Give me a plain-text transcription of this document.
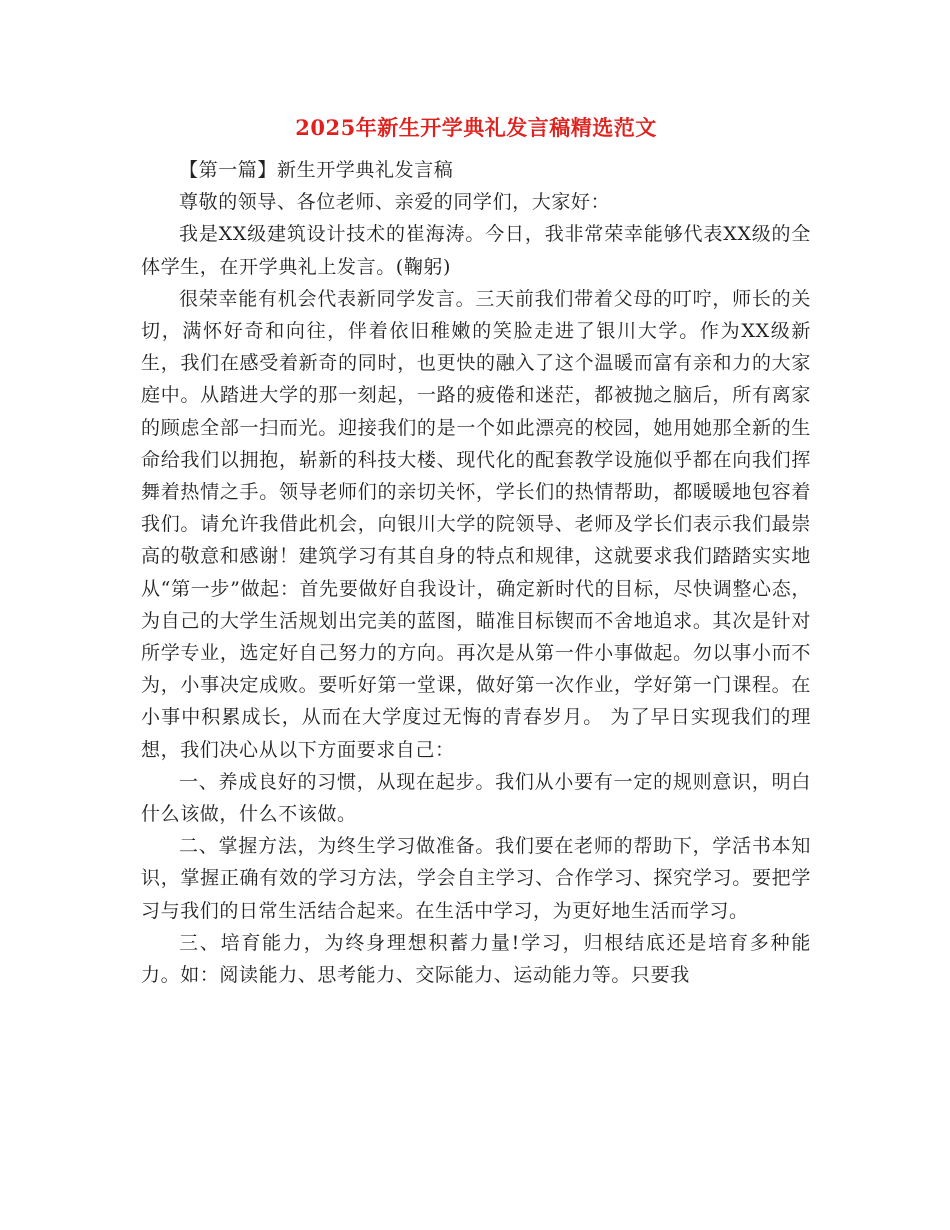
2025年新生开学典礼发言稿精选范文

【第一篇】新生开学典礼发言稿

尊敬的领导、各位老师、亲爱的同学们，大家好：

我是XX级建筑设计技术的崔海涛。今日，我非常荣幸能够代表XX级的全体学生，在开学典礼上发言。(鞠躬)

很荣幸能有机会代表新同学发言。三天前我们带着父母的叮咛，师长的关切，满怀好奇和向往，伴着依旧稚嫩的笑脸走进了银川大学。作为XX级新生，我们在感受着新奇的同时，也更快的融入了这个温暖而富有亲和力的大家庭中。从踏进大学的那一刻起，一路的疲倦和迷茫，都被抛之脑后，所有离家的顾虑全部一扫而光。迎接我们的是一个如此漂亮的校园，她用她那全新的生命给我们以拥抱，崭新的科技大楼、现代化的配套教学设施似乎都在向我们挥舞着热情之手。领导老师们的亲切关怀，学长们的热情帮助，都暖暖地包容着我们。请允许我借此机会，向银川大学的院领导、老师及学长们表示我们最崇高的敬意和感谢！建筑学习有其自身的特点和规律，这就要求我们踏踏实实地从“第一步”做起：首先要做好自我设计，确定新时代的目标，尽快调整心态，为自己的大学生活规划出完美的蓝图，瞄准目标锲而不舍地追求。其次是针对所学专业，选定好自己努力的方向。再次是从第一件小事做起。勿以事小而不为，小事决定成败。要听好第一堂课，做好第一次作业，学好第一门课程。在小事中积累成长，从而在大学度过无悔的青春岁月。 为了早日实现我们的理想，我们决心从以下方面要求自己：

一、养成良好的习惯，从现在起步。我们从小要有一定的规则意识，明白什么该做，什么不该做。

二、掌握方法，为终生学习做准备。我们要在老师的帮助下，学活书本知识，掌握正确有效的学习方法，学会自主学习、合作学习、探究学习。要把学习与我们的日常生活结合起来。在生活中学习，为更好地生活而学习。

三、培育能力，为终身理想积蓄力量!学习，归根结底还是培育多种能力。如：阅读能力、思考能力、交际能力、运动能力等。只要我
